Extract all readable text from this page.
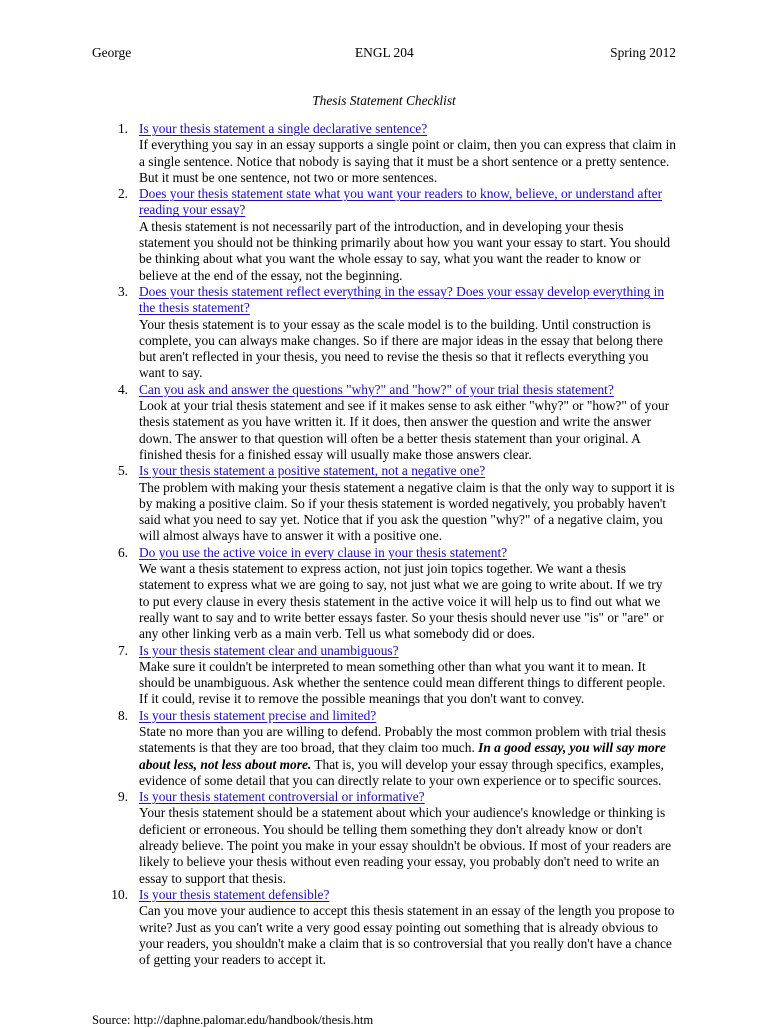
George	ENGL 204	Spring 2012
Thesis Statement Checklist
1. Is your thesis statement a single declarative sentence?
If everything you say in an essay supports a single point or claim, then you can express that claim in a single sentence. Notice that nobody is saying that it must be a short sentence or a pretty sentence. But it must be one sentence, not two or more sentences.
2. Does your thesis statement state what you want your readers to know, believe, or understand after reading your essay?
A thesis statement is not necessarily part of the introduction, and in developing your thesis statement you should not be thinking primarily about how you want your essay to start. You should be thinking about what you want the whole essay to say, what you want the reader to know or believe at the end of the essay, not the beginning.
3. Does your thesis statement reflect everything in the essay? Does your essay develop everything in the thesis statement?
Your thesis statement is to your essay as the scale model is to the building. Until construction is complete, you can always make changes. So if there are major ideas in the essay that belong there but aren't reflected in your thesis, you need to revise the thesis so that it reflects everything you want to say.
4. Can you ask and answer the questions "why?" and "how?" of your trial thesis statement?
Look at your trial thesis statement and see if it makes sense to ask either "why?" or "how?" of your thesis statement as you have written it. If it does, then answer the question and write the answer down. The answer to that question will often be a better thesis statement than your original. A finished thesis for a finished essay will usually make those answers clear.
5. Is your thesis statement a positive statement, not a negative one?
The problem with making your thesis statement a negative claim is that the only way to support it is by making a positive claim. So if your thesis statement is worded negatively, you probably haven't said what you need to say yet. Notice that if you ask the question "why?" of a negative claim, you will almost always have to answer it with a positive one.
6. Do you use the active voice in every clause in your thesis statement?
We want a thesis statement to express action, not just join topics together. We want a thesis statement to express what we are going to say, not just what we are going to write about. If we try to put every clause in every thesis statement in the active voice it will help us to find out what we really want to say and to write better essays faster. So your thesis should never use "is" or "are" or any other linking verb as a main verb. Tell us what somebody did or does.
7. Is your thesis statement clear and unambiguous?
Make sure it couldn't be interpreted to mean something other than what you want it to mean. It should be unambiguous. Ask whether the sentence could mean different things to different people. If it could, revise it to remove the possible meanings that you don't want to convey.
8. Is your thesis statement precise and limited?
State no more than you are willing to defend. Probably the most common problem with trial thesis statements is that they are too broad, that they claim too much. In a good essay, you will say more about less, not less about more. That is, you will develop your essay through specifics, examples, evidence of some detail that you can directly relate to your own experience or to specific sources.
9. Is your thesis statement controversial or informative?
Your thesis statement should be a statement about which your audience's knowledge or thinking is deficient or erroneous. You should be telling them something they don't already know or don't already believe. The point you make in your essay shouldn't be obvious. If most of your readers are likely to believe your thesis without even reading your essay, you probably don't need to write an essay to support that thesis.
10. Is your thesis statement defensible?
Can you move your audience to accept this thesis statement in an essay of the length you propose to write? Just as you can't write a very good essay pointing out something that is already obvious to your readers, you shouldn't make a claim that is so controversial that you really don't have a chance of getting your readers to accept it.
Source: http://daphne.palomar.edu/handbook/thesis.htm
